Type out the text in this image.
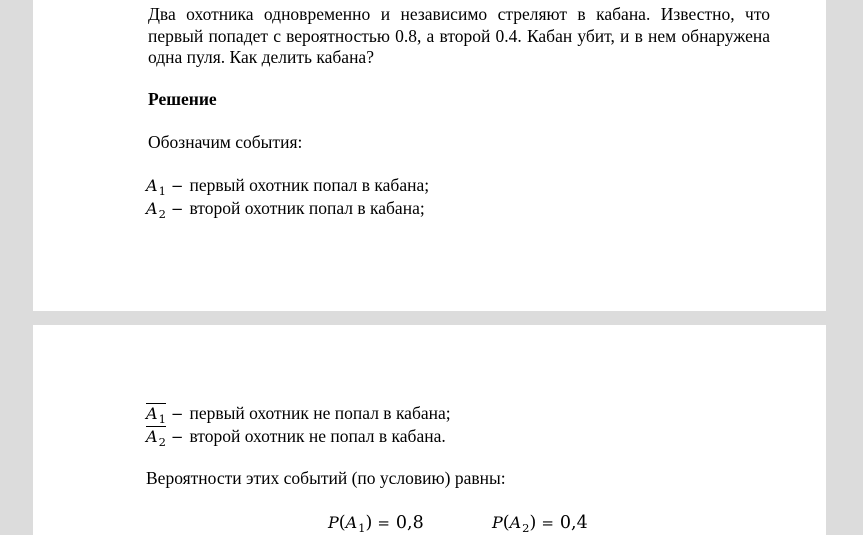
Два охотника одновременно и независимо стреляют в кабана. Известно, что первый попадет с вероятностью 0.8, а второй 0.4. Кабан убит, и в нем обнаружена одна пуля. Как делить кабана?
Решение
Обозначим события:
$A_1$ − первый охотник попал в кабана;
$A_2$ − второй охотник попал в кабана;
$A_1$ − первый охотник не попал в кабана;
$A_2$ − второй охотник не попал в кабана.
Вероятности этих событий (по условию) равны:
$P(A_1) = 0,8$	$P(A_2) = 0,4$
